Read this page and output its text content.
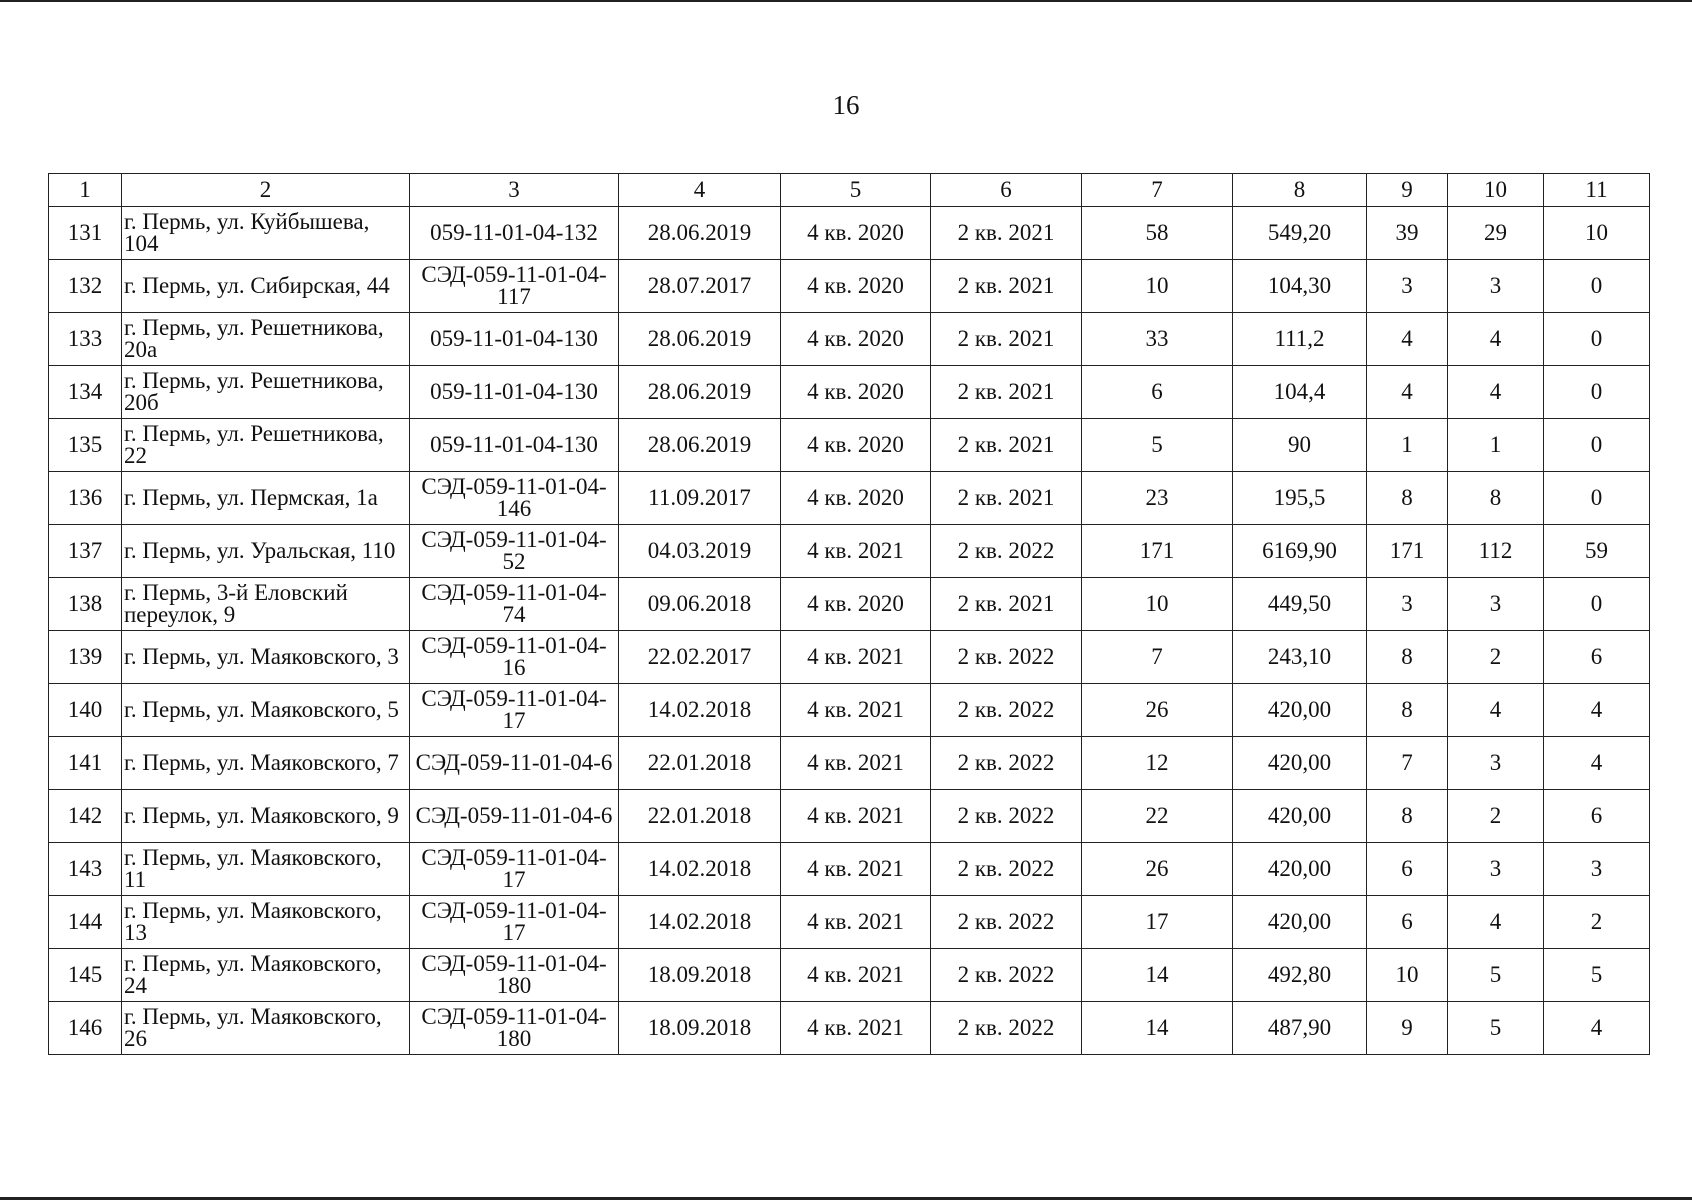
16
1	2	3	4	5	6	7	8	9	10	11
131	г. Пермь, ул. Куйбышева, 104	059-11-01-04-132	28.06.2019	4 кв. 2020	2 кв. 2021	58	549,20	39	29	10
132	г. Пермь, ул. Сибирская, 44	СЭД-059-11-01-04-117	28.07.2017	4 кв. 2020	2 кв. 2021	10	104,30	3	3	0
133	г. Пермь, ул. Решетникова, 20а	059-11-01-04-130	28.06.2019	4 кв. 2020	2 кв. 2021	33	111,2	4	4	0
134	г. Пермь, ул. Решетникова, 20б	059-11-01-04-130	28.06.2019	4 кв. 2020	2 кв. 2021	6	104,4	4	4	0
135	г. Пермь, ул. Решетникова, 22	059-11-01-04-130	28.06.2019	4 кв. 2020	2 кв. 2021	5	90	1	1	0
136	г. Пермь, ул. Пермская, 1а	СЭД-059-11-01-04-146	11.09.2017	4 кв. 2020	2 кв. 2021	23	195,5	8	8	0
137	г. Пермь, ул. Уральская, 110	СЭД-059-11-01-04-52	04.03.2019	4 кв. 2021	2 кв. 2022	171	6169,90	171	112	59
138	г. Пермь, 3-й Еловский переулок, 9	СЭД-059-11-01-04-74	09.06.2018	4 кв. 2020	2 кв. 2021	10	449,50	3	3	0
139	г. Пермь, ул. Маяковского, 3	СЭД-059-11-01-04-16	22.02.2017	4 кв. 2021	2 кв. 2022	7	243,10	8	2	6
140	г. Пермь, ул. Маяковского, 5	СЭД-059-11-01-04-17	14.02.2018	4 кв. 2021	2 кв. 2022	26	420,00	8	4	4
141	г. Пермь, ул. Маяковского, 7	СЭД-059-11-01-04-6	22.01.2018	4 кв. 2021	2 кв. 2022	12	420,00	7	3	4
142	г. Пермь, ул. Маяковского, 9	СЭД-059-11-01-04-6	22.01.2018	4 кв. 2021	2 кв. 2022	22	420,00	8	2	6
143	г. Пермь, ул. Маяковского, 11	СЭД-059-11-01-04-17	14.02.2018	4 кв. 2021	2 кв. 2022	26	420,00	6	3	3
144	г. Пермь, ул. Маяковского, 13	СЭД-059-11-01-04-17	14.02.2018	4 кв. 2021	2 кв. 2022	17	420,00	6	4	2
145	г. Пермь, ул. Маяковского, 24	СЭД-059-11-01-04-180	18.09.2018	4 кв. 2021	2 кв. 2022	14	492,80	10	5	5
146	г. Пермь, ул. Маяковского, 26	СЭД-059-11-01-04-180	18.09.2018	4 кв. 2021	2 кв. 2022	14	487,90	9	5	4
